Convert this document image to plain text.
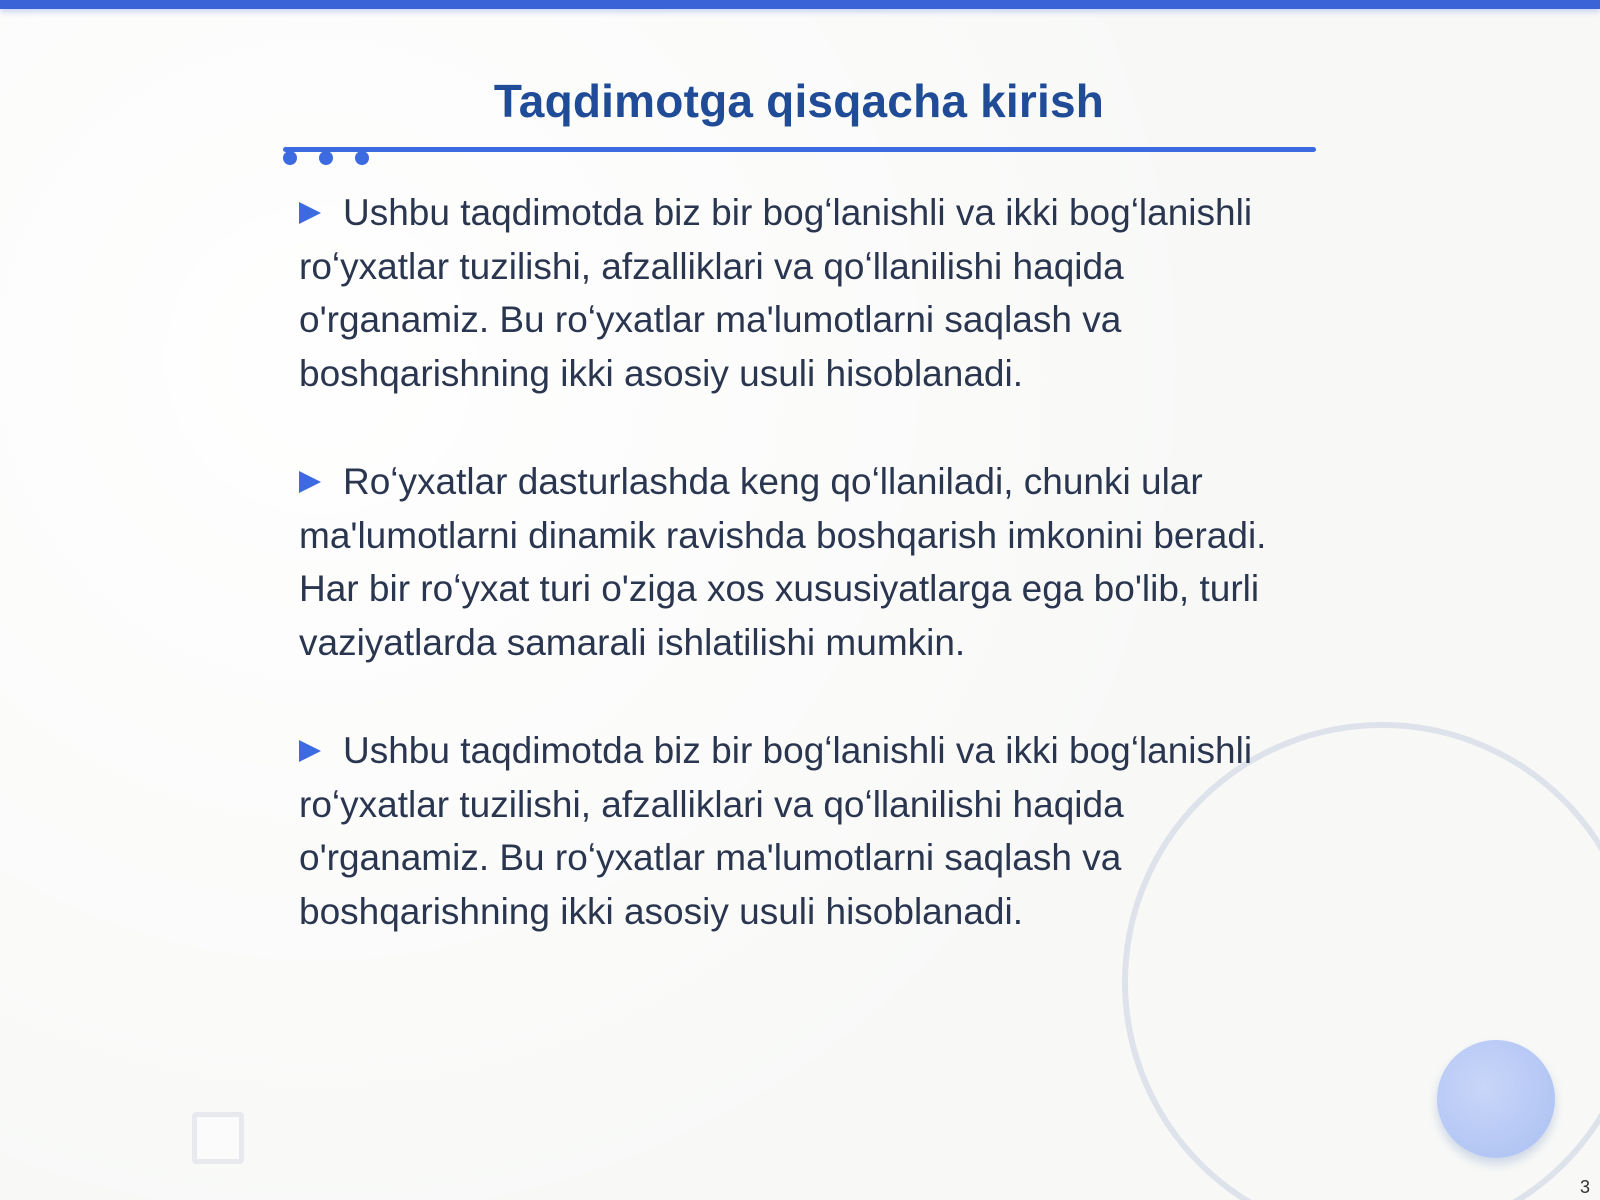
Taqdimotga qisqacha kirish
Ushbu taqdimotda biz bir bogʻlanishli va ikki bogʻlanishli roʻyxatlar tuzilishi, afzalliklari va qoʻllanilishi haqida o'rganamiz. Bu roʻyxatlar ma'lumotlarni saqlash va boshqarishning ikki asosiy usuli hisoblanadi.
Roʻyxatlar dasturlashda keng qoʻllaniladi, chunki ular ma'lumotlarni dinamik ravishda boshqarish imkonini beradi. Har bir roʻyxat turi o'ziga xos xususiyatlarga ega bo'lib, turli vaziyatlarda samarali ishlatilishi mumkin.
Ushbu taqdimotda biz bir bogʻlanishli va ikki bogʻlanishli roʻyxatlar tuzilishi, afzalliklari va qoʻllanilishi haqida o'rganamiz. Bu roʻyxatlar ma'lumotlarni saqlash va boshqarishning ikki asosiy usuli hisoblanadi.
3
